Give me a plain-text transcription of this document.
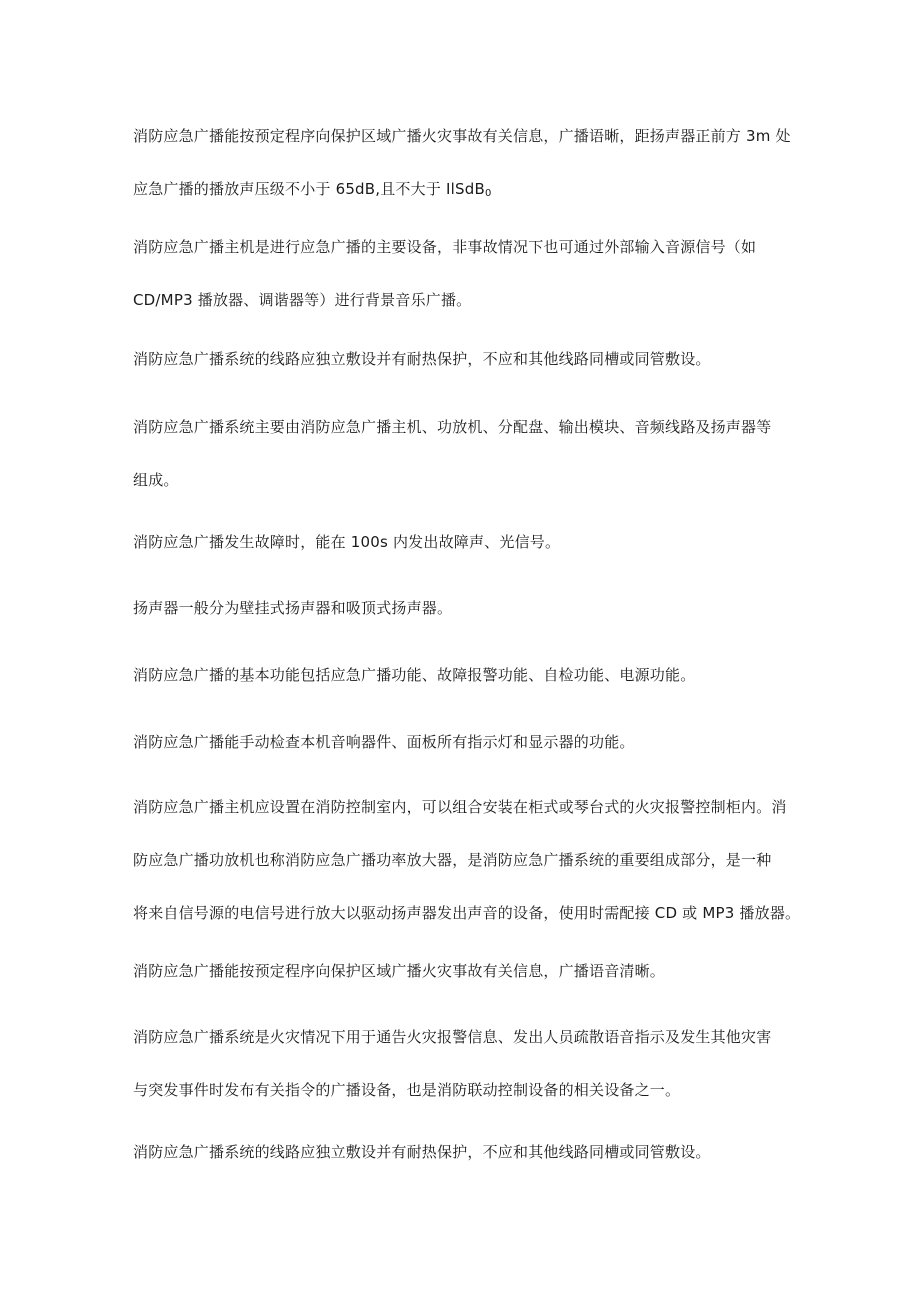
消防应急广播能按预定程序向保护区域广播火灾事故有关信息，广播语晰，距扬声器正前方 3m 处
应急广播的播放声压级不小于 65dB,且不大于 IlSdB$_0$

消防应急广播主机是进行应急广播的主要设备，非事故情况下也可通过外部输入音源信号（如
CD/MP3 播放器、调谐器等）进行背景音乐广播。

消防应急广播系统的线路应独立敷设并有耐热保护，不应和其他线路同槽或同管敷设。

消防应急广播系统主要由消防应急广播主机、功放机、分配盘、输出模块、音频线路及扬声器等
组成。

消防应急广播发生故障时，能在 100s 内发出故障声、光信号。

扬声器一般分为壁挂式扬声器和吸顶式扬声器。

消防应急广播的基本功能包括应急广播功能、故障报警功能、自检功能、电源功能。

消防应急广播能手动检查本机音响器件、面板所有指示灯和显示器的功能。

消防应急广播主机应设置在消防控制室内，可以组合安装在柜式或琴台式的火灾报警控制柜内。消
防应急广播功放机也称消防应急广播功率放大器，是消防应急广播系统的重要组成部分，是一种
将来自信号源的电信号进行放大以驱动扬声器发出声音的设备，使用时需配接 CD 或 MP3 播放器。

消防应急广播能按预定程序向保护区域广播火灾事故有关信息，广播语音清晰。

消防应急广播系统是火灾情况下用于通告火灾报警信息、发出人员疏散语音指示及发生其他灾害
与突发事件时发布有关指令的广播设备，也是消防联动控制设备的相关设备之一。

消防应急广播系统的线路应独立敷设并有耐热保护，不应和其他线路同槽或同管敷设。
